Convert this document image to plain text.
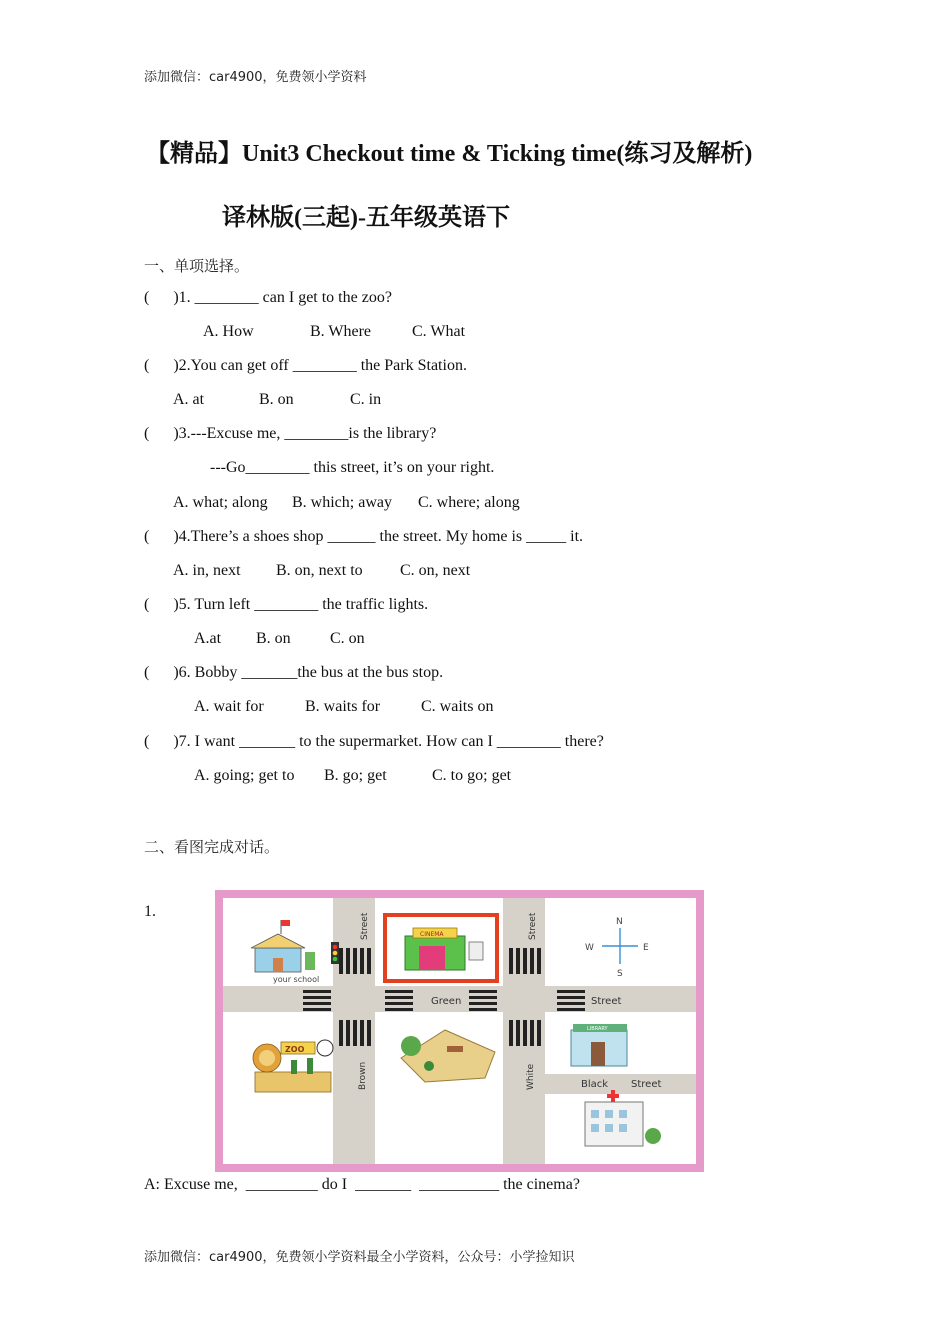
添加微信：car4900，免费领小学资料
【精品】Unit3 Checkout time & Ticking time(练习及解析)
译林版(三起)-五年级英语下
一、单项选择。
(      )1. ________ can I get to the zoo?
A. How	B. Where	C. What
(      )2.You can get off ________ the Park Station.
A. at	B. on	C. in
(      )3.---Excuse me, ________is the library?
---Go________ this street, it’s on your right.
A. what; along B. which; away C. where; along
(      )4.There’s a shoes shop ______ the street. My home is _____ it.
A. in, next B. on, next to C. on, next
(      )5. Turn left ________ the traffic lights.
A.at B. on C. on
(      )6. Bobby _______the bus at the bus stop.
A. wait for	B. waits for	C. waits on
(      )7. I want _______ to the supermarket. How can I ________ there?
A. going; get to B. go; get	C. to go; get
二、看图完成对话。
1.
your school
CINEMA
N
S
W	E
ZOO
LIBRARY
Street	Street
Green	Street
Brown	White	Black Street
A: Excuse me,  _________ do I  _______  __________ the cinema?
添加微信：car4900，免费领小学资料最全小学资料，公众号：小学捡知识
